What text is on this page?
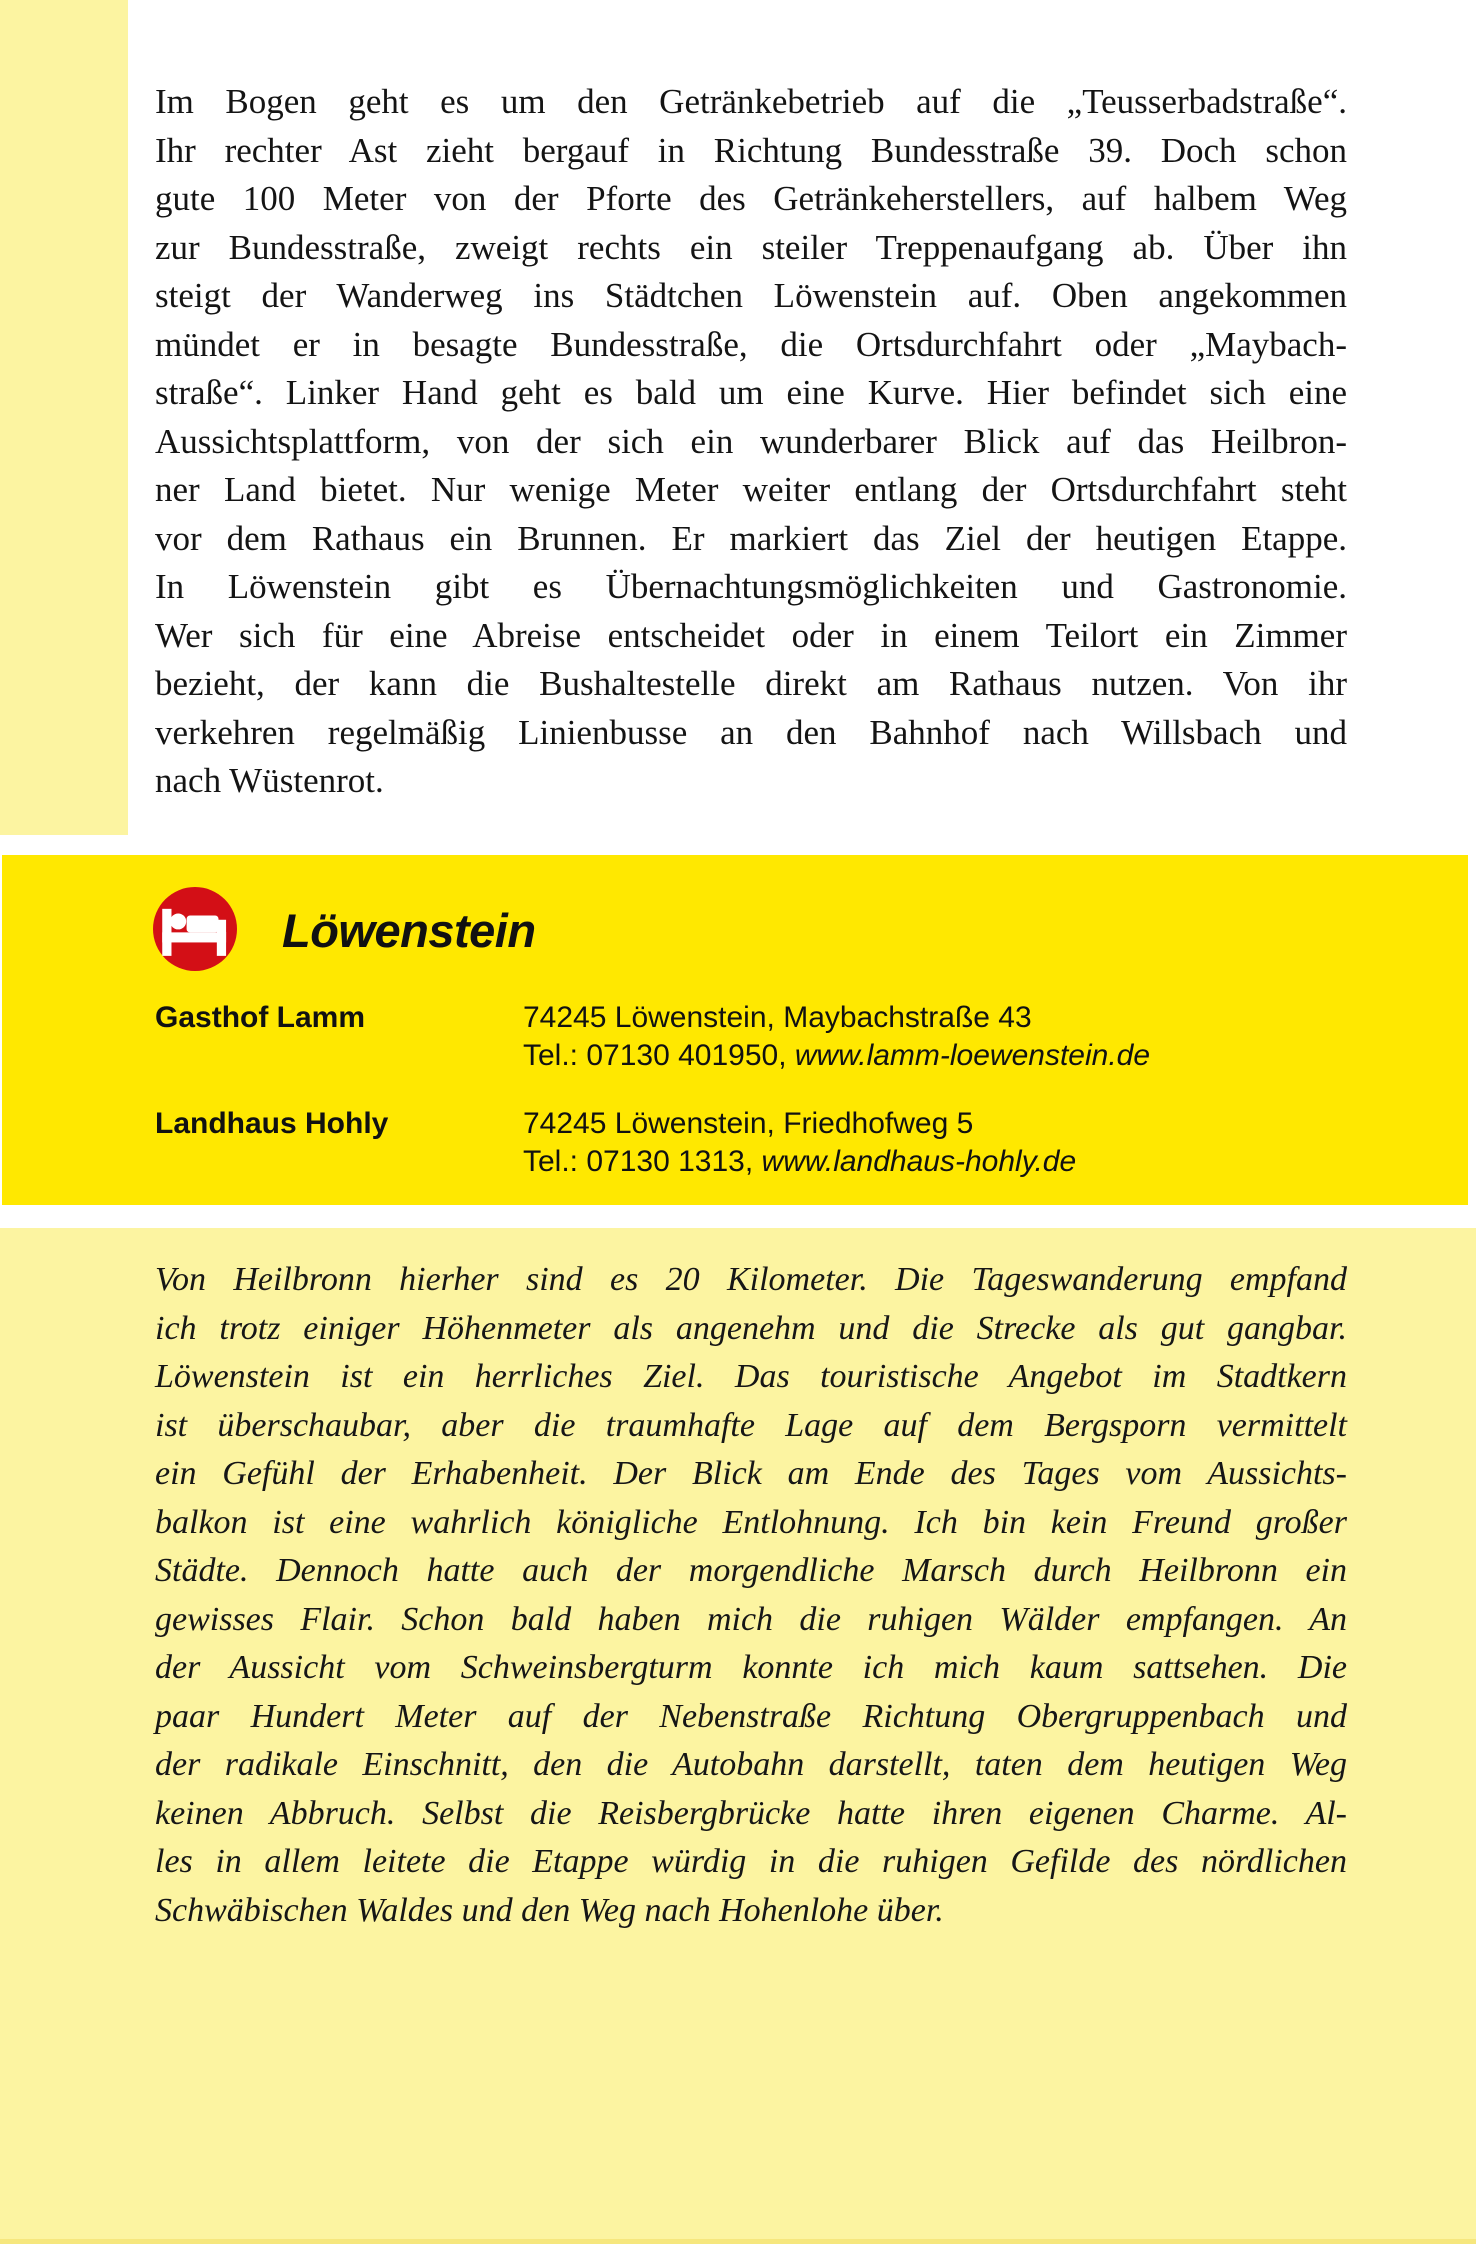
Im Bogen geht es um den Getränkebetrieb auf die „Teusserbadstraße“.
Ihr rechter Ast zieht bergauf in Richtung Bundesstraße 39. Doch schon
gute 100 Meter von der Pforte des Getränkeherstellers, auf halbem Weg
zur Bundesstraße, zweigt rechts ein steiler Treppenaufgang ab. Über ihn
steigt der Wanderweg ins Städtchen Löwenstein auf. Oben angekommen
mündet er in besagte Bundesstraße, die Ortsdurchfahrt oder „Maybach-
straße“. Linker Hand geht es bald um eine Kurve. Hier befindet sich eine
Aussichtsplattform, von der sich ein wunderbarer Blick auf das Heilbron-
ner Land bietet. Nur wenige Meter weiter entlang der Ortsdurchfahrt steht
vor dem Rathaus ein Brunnen. Er markiert das Ziel der heutigen Etappe.
In Löwenstein gibt es Übernachtungsmöglichkeiten und Gastronomie.
Wer sich für eine Abreise entscheidet oder in einem Teilort ein Zimmer
bezieht, der kann die Bushaltestelle direkt am Rathaus nutzen. Von ihr
verkehren regelmäßig Linienbusse an den Bahnhof nach Willsbach und
nach Wüstenrot.
Löwenstein
Gasthof Lamm	74245 Löwenstein, Maybachstraße 43
Tel.: 07130 401950, www.lamm-loewenstein.de
Landhaus Hohly	74245 Löwenstein, Friedhofweg 5
Tel.: 07130 1313, www.landhaus-hohly.de
Von Heilbronn hierher sind es 20 Kilometer. Die Tageswanderung empfand
ich trotz einiger Höhenmeter als angenehm und die Strecke als gut gangbar.
Löwenstein ist ein herrliches Ziel. Das touristische Angebot im Stadtkern
ist überschaubar, aber die traumhafte Lage auf dem Bergsporn vermittelt
ein Gefühl der Erhabenheit. Der Blick am Ende des Tages vom Aussichts-
balkon ist eine wahrlich königliche Entlohnung. Ich bin kein Freund großer
Städte. Dennoch hatte auch der morgendliche Marsch durch Heilbronn ein
gewisses Flair. Schon bald haben mich die ruhigen Wälder empfangen. An
der Aussicht vom Schweinsbergturm konnte ich mich kaum sattsehen. Die
paar Hundert Meter auf der Nebenstraße Richtung Obergruppenbach und
der radikale Einschnitt, den die Autobahn darstellt, taten dem heutigen Weg
keinen Abbruch. Selbst die Reisbergbrücke hatte ihren eigenen Charme. Al-
les in allem leitete die Etappe würdig in die ruhigen Gefilde des nördlichen
Schwäbischen Waldes und den Weg nach Hohenlohe über.
